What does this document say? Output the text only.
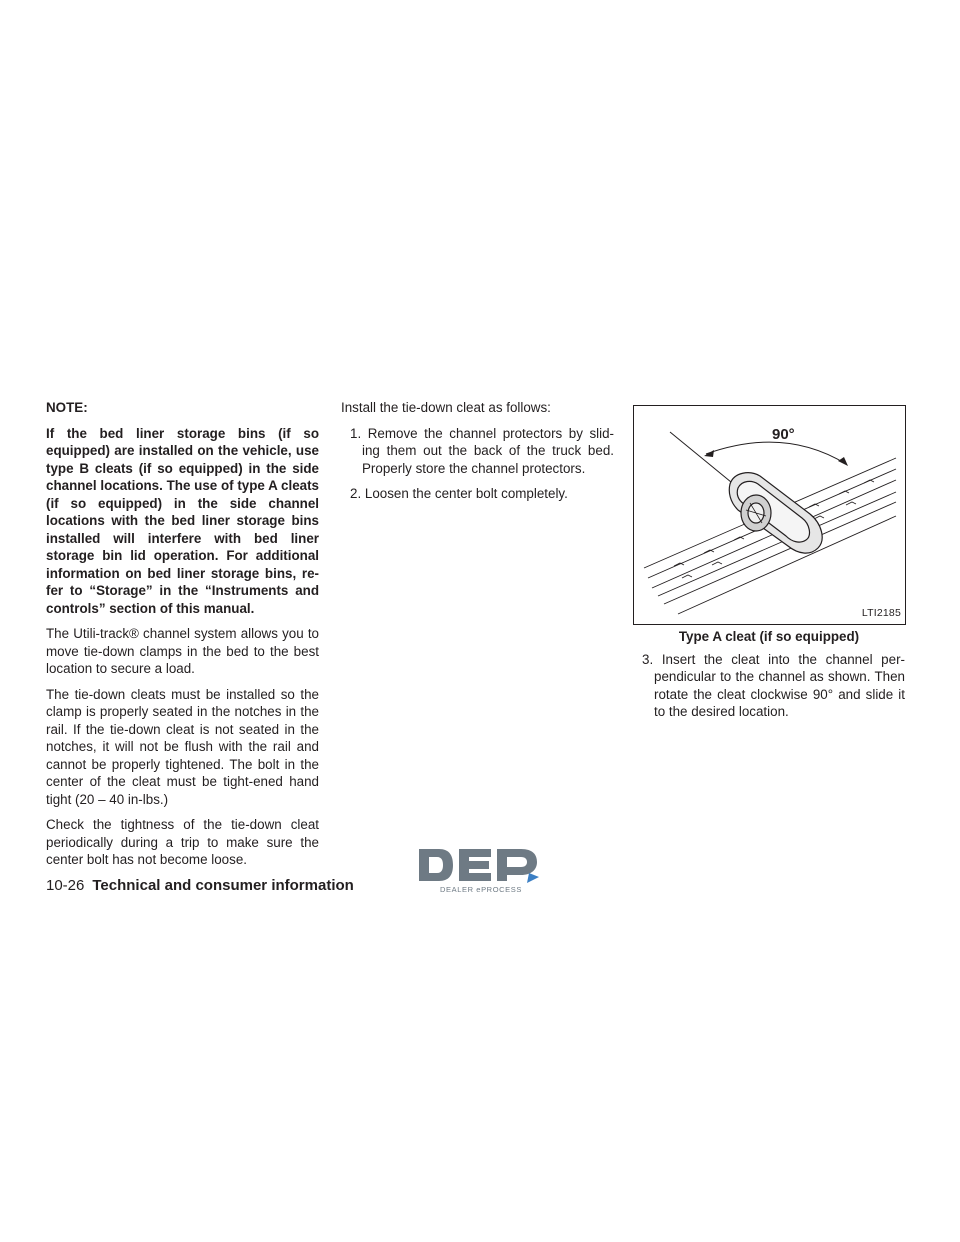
NOTE:

If the bed liner storage bins (if so equipped) are installed on the vehicle, use type B cleats (if so equipped) in the side channel locations. The use of type A cleats (if so equipped) in the side channel locations with the bed liner storage bins installed will interfere with bed liner storage bin lid operation. For additional information on bed liner storage bins, re-fer to “Storage” in the “Instruments and controls” section of this manual.

The Utili-track® channel system allows you to move tie-down clamps in the bed to the best location to secure a load.

The tie-down cleats must be installed so the clamp is properly seated in the notches in the rail. If the tie-down cleat is not seated in the notches, it will not be flush with the rail and cannot be properly tightened. The bolt in the center of the cleat must be tight-ened hand tight (20 – 40 in-lbs.)

Check the tightness of the tie-down cleat periodically during a trip to make sure the center bolt has not become loose.

Install the tie-down cleat as follows:

1. Remove the channel protectors by slid-ing them out the back of the truck bed. Properly store the channel protectors.

2. Loosen the center bolt completely.

90°
LTI2185

Type A cleat (if so equipped)

3. Insert the cleat into the channel per-pendicular to the channel as shown. Then rotate the cleat clockwise 90° and slide it to the desired location.

10-26 Technical and consumer information	DEALER ePROCESS
